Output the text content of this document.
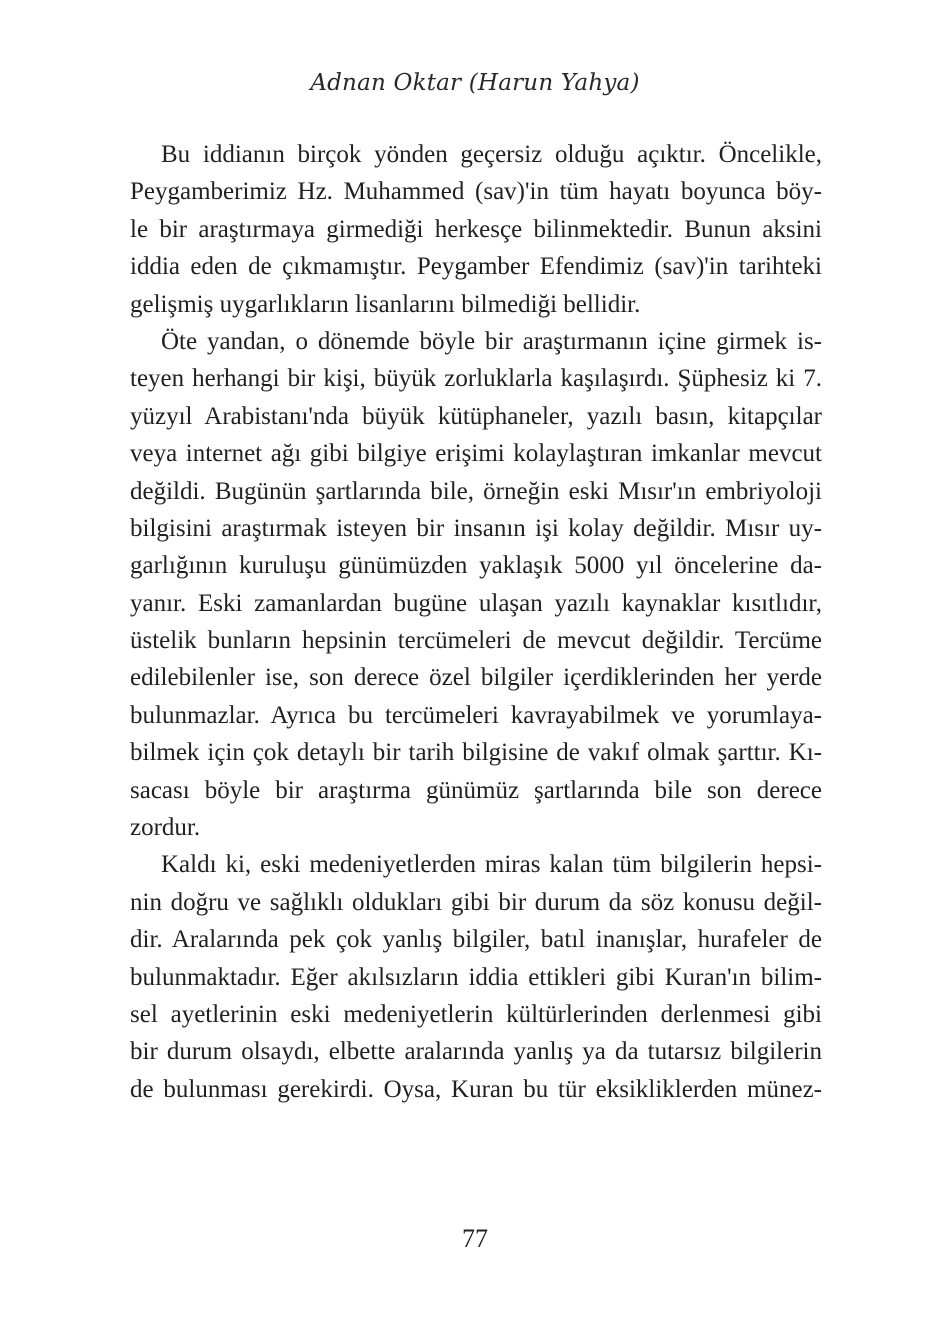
Adnan Oktar (Harun Yahya)
Bu iddianın birçok yönden geçersiz olduğu açıktır. Öncelikle,
Peygamberimiz Hz. Muhammed (sav)'in tüm hayatı boyunca böy-
le bir araştırmaya girmediği herkesçe bilinmektedir. Bunun aksini
iddia eden de çıkmamıştır. Peygamber Efendimiz (sav)'in tarihteki
gelişmiş uygarlıkların lisanlarını bilmediği bellidir.
Öte yandan, o dönemde böyle bir araştırmanın içine girmek is-
teyen herhangi bir kişi, büyük zorluklarla kaşılaşırdı. Şüphesiz ki 7.
yüzyıl Arabistanı'nda büyük kütüphaneler, yazılı basın, kitapçılar
veya internet ağı gibi bilgiye erişimi kolaylaştıran imkanlar mevcut
değildi. Bugünün şartlarında bile, örneğin eski Mısır'ın embriyoloji
bilgisini araştırmak isteyen bir insanın işi kolay değildir. Mısır uy-
garlığının kuruluşu günümüzden yaklaşık 5000 yıl öncelerine da-
yanır. Eski zamanlardan bugüne ulaşan yazılı kaynaklar kısıtlıdır,
üstelik bunların hepsinin tercümeleri de mevcut değildir. Tercüme
edilebilenler ise, son derece özel bilgiler içerdiklerinden her yerde
bulunmazlar. Ayrıca bu tercümeleri kavrayabilmek ve yorumlaya-
bilmek için çok detaylı bir tarih bilgisine de vakıf olmak şarttır. Kı-
sacası böyle bir araştırma günümüz şartlarında bile son derece
zordur.
Kaldı ki, eski medeniyetlerden miras kalan tüm bilgilerin hepsi-
nin doğru ve sağlıklı oldukları gibi bir durum da söz konusu değil-
dir. Aralarında pek çok yanlış bilgiler, batıl inanışlar, hurafeler de
bulunmaktadır. Eğer akılsızların iddia ettikleri gibi Kuran'ın bilim-
sel ayetlerinin eski medeniyetlerin kültürlerinden derlenmesi gibi
bir durum olsaydı, elbette aralarında yanlış ya da tutarsız bilgilerin
de bulunması gerekirdi. Oysa, Kuran bu tür eksikliklerden münez-
77
